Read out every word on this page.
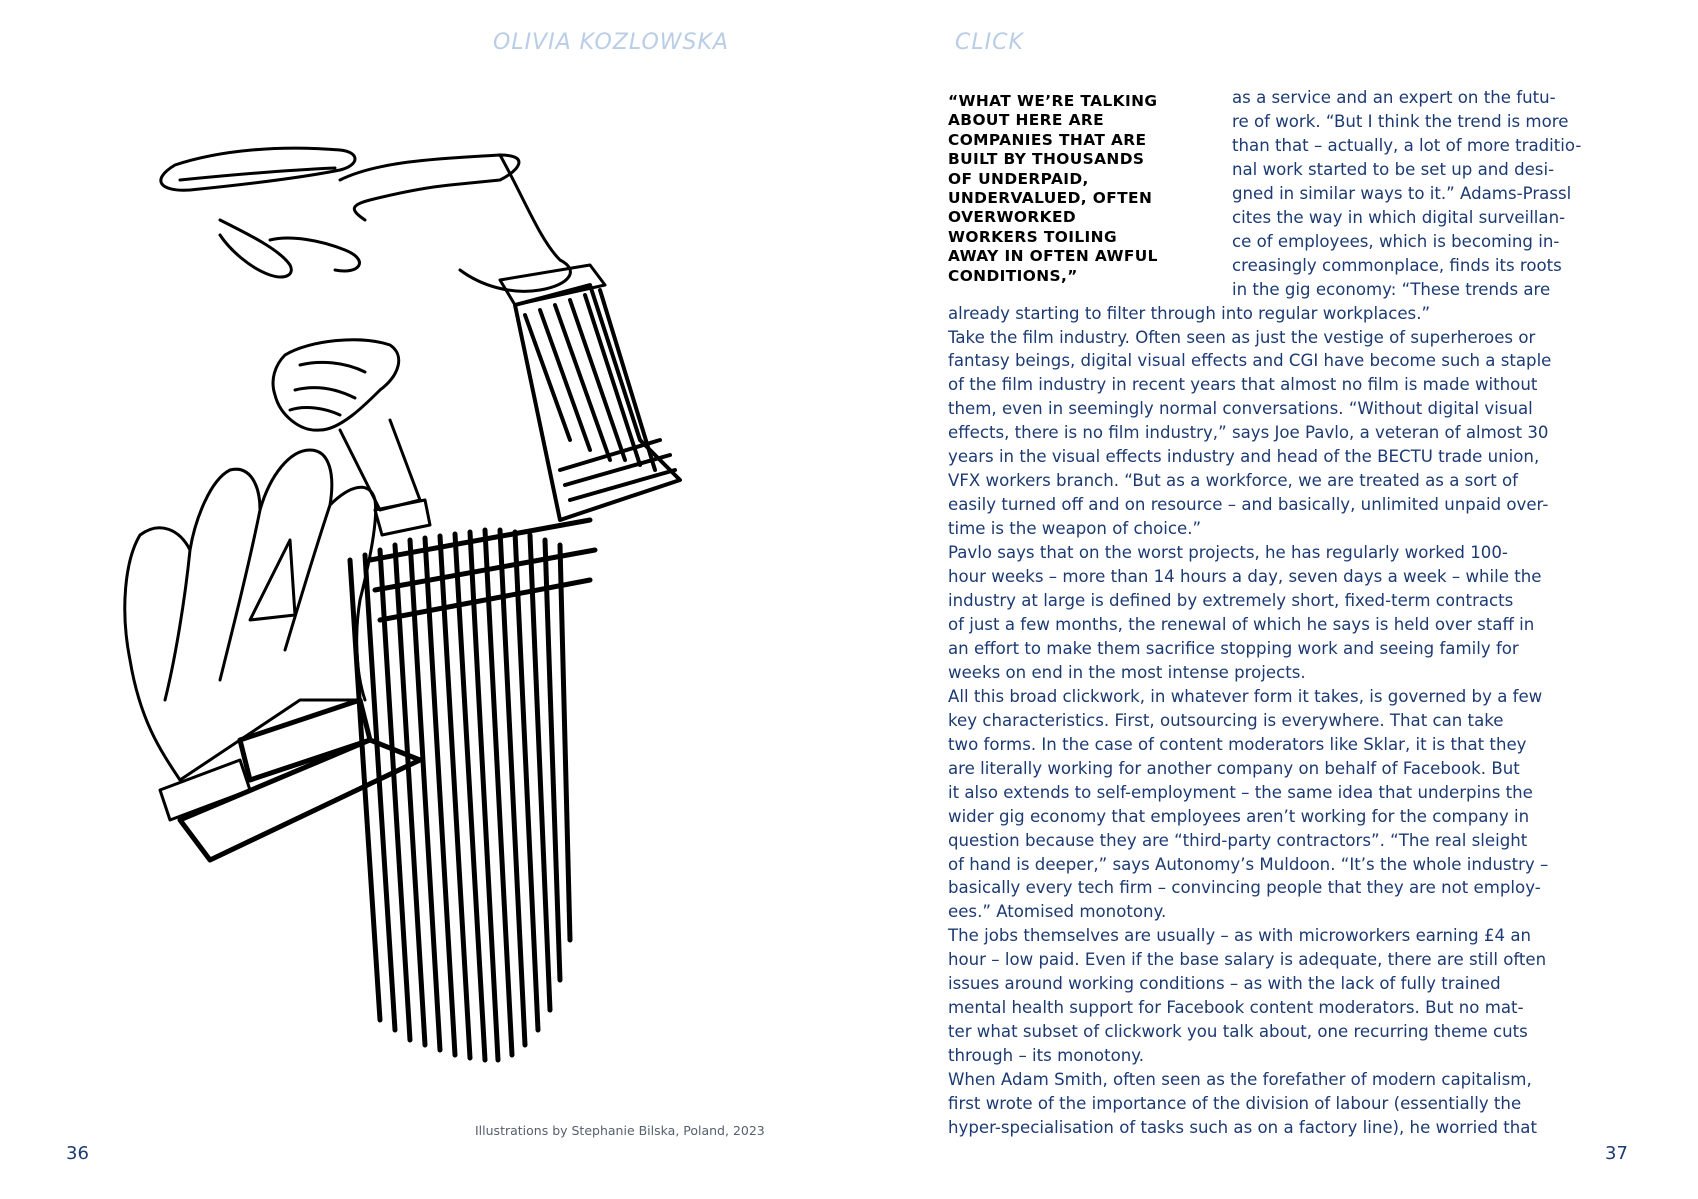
OLIVIA KOZLOWSKA	CLICK
Illustrations by Stephanie Bilska, Poland, 2023
36	37
“WHAT WE’RE TALKING
ABOUT HERE ARE
COMPANIES THAT ARE
BUILT BY THOUSANDS
OF UNDERPAID,
UNDERVALUED, OFTEN
OVERWORKED
WORKERS TOILING
AWAY IN OFTEN AWFUL
CONDITIONS,”
as a service and an expert on the futu-
re of work. “But I think the trend is more
than that – actually, a lot of more traditio-
nal work started to be set up and desi-
gned in similar ways to it.” Adams-Prassl
cites the way in which digital surveillan-
ce of employees, which is becoming in-
creasingly commonplace, finds its roots
in the gig economy: “These trends are
already starting to filter through into regular workplaces.”
Take the film industry. Often seen as just the vestige of superheroes or
fantasy beings, digital visual effects and CGI have become such a staple
of the film industry in recent years that almost no film is made without
them, even in seemingly normal conversations. “Without digital visual
effects, there is no film industry,” says Joe Pavlo, a veteran of almost 30
years in the visual effects industry and head of the BECTU trade union,
VFX workers branch. “But as a workforce, we are treated as a sort of
easily turned off and on resource – and basically, unlimited unpaid over-
time is the weapon of choice.”
Pavlo says that on the worst projects, he has regularly worked 100-
hour weeks – more than 14 hours a day, seven days a week – while the
industry at large is defined by extremely short, fixed-term contracts
of just a few months, the renewal of which he says is held over staff in
an effort to make them sacrifice stopping work and seeing family for
weeks on end in the most intense projects.
All this broad clickwork, in whatever form it takes, is governed by a few
key characteristics. First, outsourcing is everywhere. That can take
two forms. In the case of content moderators like Sklar, it is that they
are literally working for another company on behalf of Facebook. But
it also extends to self-employment – the same idea that underpins the
wider gig economy that employees aren’t working for the company in
question because they are “third-party contractors”. “The real sleight
of hand is deeper,” says Autonomy’s Muldoon. “It’s the whole industry –
basically every tech firm – convincing people that they are not employ-
ees.” Atomised monotony.
The jobs themselves are usually – as with microworkers earning £4 an
hour – low paid. Even if the base salary is adequate, there are still often
issues around working conditions – as with the lack of fully trained
mental health support for Facebook content moderators. But no mat-
ter what subset of clickwork you talk about, one recurring theme cuts
through – its monotony.
When Adam Smith, often seen as the forefather of modern capitalism,
first wrote of the importance of the division of labour (essentially the
hyper-specialisation of tasks such as on a factory line), he worried that
